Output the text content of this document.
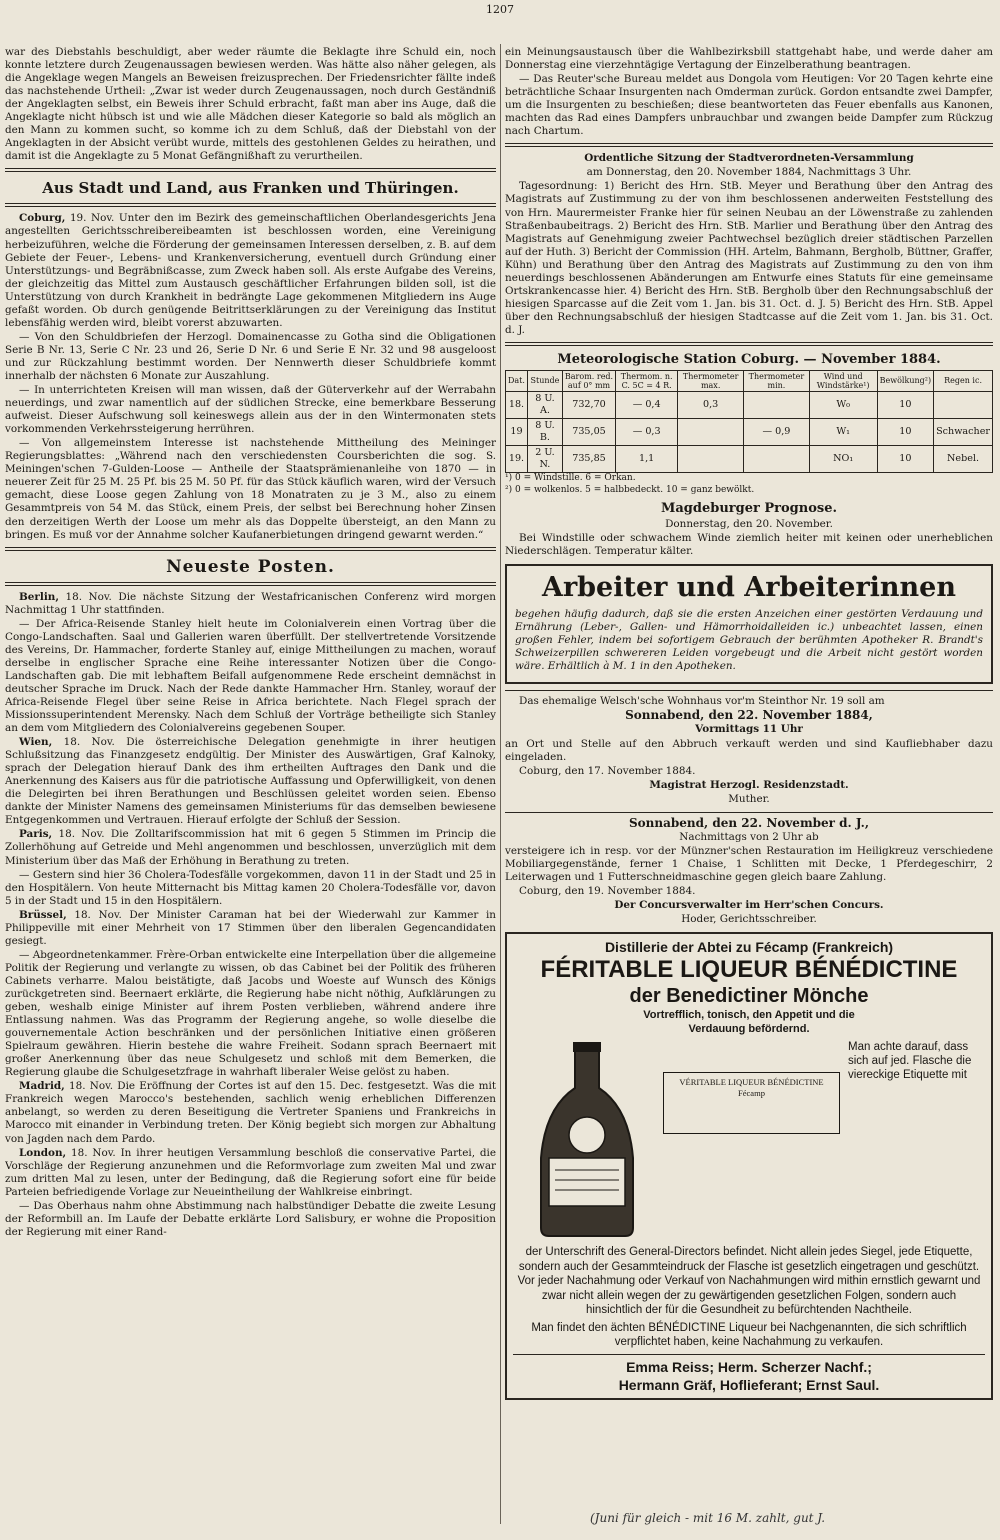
1207

war des Diebstahls beschuldigt, aber weder räumte die Beklagte ihre Schuld ein, noch konnte letztere durch Zeugenaussagen bewiesen werden. Was hätte also näher gelegen, als die Angeklage wegen Mangels an Beweisen freizusprechen. Der Friedensrichter fällte indeß das nachstehende Urtheil: „Zwar ist weder durch Zeugenaussagen, noch durch Geständniß der Angeklagten selbst, ein Beweis ihrer Schuld erbracht, faßt man aber ins Auge, daß die Angeklagte nicht hübsch ist und wie alle Mädchen dieser Kategorie so bald als möglich an den Mann zu kommen sucht, so komme ich zu dem Schluß, daß der Diebstahl von der Angeklagten in der Absicht verübt wurde, mittels des gestohlenen Geldes zu heirathen, und damit ist die Angeklagte zu 5 Monat Gefängnißhaft zu verurtheilen.

Aus Stadt und Land, aus Franken und Thüringen.

Coburg, 19. Nov. Unter den im Bezirk des gemeinschaftlichen Oberlandesgerichts Jena angestellten Gerichtsschreibereibeamten ist beschlossen worden, eine Vereinigung herbeizuführen, welche die Förderung der gemeinsamen Interessen derselben, z. B. auf dem Gebiete der Feuer-, Lebens- und Krankenversicherung, eventuell durch Gründung einer Unterstützungs- und Begräbnißcasse, zum Zweck haben soll. Als erste Aufgabe des Vereins, der gleichzeitig das Mittel zum Austausch geschäftlicher Erfahrungen bilden soll, ist die Unterstützung von durch Krankheit in bedrängte Lage gekommenen Mitgliedern ins Auge gefaßt worden. Ob durch genügende Beitrittserklärungen zu der Vereinigung das Institut lebensfähig werden wird, bleibt vorerst abzuwarten.

— Von den Schuldbriefen der Herzogl. Domainencasse zu Gotha sind die Obligationen Serie B Nr. 13, Serie C Nr. 23 und 26, Serie D Nr. 6 und Serie E Nr. 32 und 98 ausgeloost und zur Rückzahlung bestimmt worden. Der Nennwerth dieser Schuldbriefe kommt innerhalb der nächsten 6 Monate zur Auszahlung.

— In unterrichteten Kreisen will man wissen, daß der Güterverkehr auf der Werrabahn neuerdings, und zwar namentlich auf der südlichen Strecke, eine bemerkbare Besserung aufweist. Dieser Aufschwung soll keineswegs allein aus der in den Wintermonaten stets vorkommenden Verkehrssteigerung herrühren.

— Von allgemeinstem Interesse ist nachstehende Mittheilung des Meininger Regierungsblattes: „Während nach den verschiedensten Coursberichten die sog. S. Meiningen'schen 7-Gulden-Loose — Antheile der Staatsprämienanleihe von 1870 — in neuerer Zeit für 25 M. 25 Pf. bis 25 M. 50 Pf. für das Stück käuflich waren, wird der Versuch gemacht, diese Loose gegen Zahlung von 18 Monatraten zu je 3 M., also zu einem Gesammtpreis von 54 M. das Stück, einem Preis, der selbst bei Berechnung hoher Zinsen den derzeitigen Werth der Loose um mehr als das Doppelte übersteigt, an den Mann zu bringen. Es muß vor der Annahme solcher Kaufanerbietungen dringend gewarnt werden.“

Neueste Posten.

Berlin, 18. Nov. Die nächste Sitzung der Westafricanischen Conferenz wird morgen Nachmittag 1 Uhr stattfinden.

— Der Africa-Reisende Stanley hielt heute im Colonialverein einen Vortrag über die Congo-Landschaften. Saal und Gallerien waren überfüllt. Der stellvertretende Vorsitzende des Vereins, Dr. Hammacher, forderte Stanley auf, einige Mittheilungen zu machen, worauf derselbe in englischer Sprache eine Reihe interessanter Notizen über die Congo-Landschaften gab. Die mit lebhaftem Beifall aufgenommene Rede erscheint demnächst in deutscher Sprache im Druck. Nach der Rede dankte Hammacher Hrn. Stanley, worauf der Africa-Reisende Flegel über seine Reise in Africa berichtete. Nach Flegel sprach der Missionssuperintendent Merensky. Nach dem Schluß der Vorträge betheiligte sich Stanley an dem vom Mitgliedern des Colonialvereins gegebenen Souper.

Wien, 18. Nov. Die österreichische Delegation genehmigte in ihrer heutigen Schlußsitzung das Finanzgesetz endgültig. Der Minister des Auswärtigen, Graf Kalnoky, sprach der Delegation hierauf Dank des ihm ertheilten Auftrages den Dank und die Anerkennung des Kaisers aus für die patriotische Auffassung und Opferwilligkeit, von denen die Delegirten bei ihren Berathungen und Beschlüssen geleitet worden seien. Ebenso dankte der Minister Namens des gemeinsamen Ministeriums für das demselben bewiesene Entgegenkommen und Vertrauen. Hierauf erfolgte der Schluß der Session.

Paris, 18. Nov. Die Zolltarifscommission hat mit 6 gegen 5 Stimmen im Princip die Zollerhöhung auf Getreide und Mehl angenommen und beschlossen, unverzüglich mit dem Ministerium über das Maß der Erhöhung in Berathung zu treten.

— Gestern sind hier 36 Cholera-Todesfälle vorgekommen, davon 11 in der Stadt und 25 in den Hospitälern. Von heute Mitternacht bis Mittag kamen 20 Cholera-Todesfälle vor, davon 5 in der Stadt und 15 in den Hospitälern.

Brüssel, 18. Nov. Der Minister Caraman hat bei der Wiederwahl zur Kammer in Philippeville mit einer Mehrheit von 17 Stimmen über den liberalen Gegencandidaten gesiegt.

— Abgeordnetenkammer. Frère-Orban entwickelte eine Interpellation über die allgemeine Politik der Regierung und verlangte zu wissen, ob das Cabinet bei der Politik des früheren Cabinets verharre. Malou beistätigte, daß Jacobs und Woeste auf Wunsch des Königs zurückgetreten sind. Beernaert erklärte, die Regierung habe nicht nöthig, Aufklärungen zu geben, weshalb einige Minister auf ihrem Posten verblieben, während andere ihre Entlassung nahmen. Was das Programm der Regierung angehe, so wolle dieselbe die gouvernementale Action beschränken und der persönlichen Initiative einen größeren Spielraum gewähren. Hierin bestehe die wahre Freiheit. Sodann sprach Beernaert mit großer Anerkennung über das neue Schulgesetz und schloß mit dem Bemerken, die Regierung glaube die Schulgesetzfrage in wahrhaft liberaler Weise gelöst zu haben.

Madrid, 18. Nov. Die Eröffnung der Cortes ist auf den 15. Dec. festgesetzt. Was die mit Frankreich wegen Marocco's bestehenden, sachlich wenig erheblichen Differenzen anbelangt, so werden zu deren Beseitigung die Vertreter Spaniens und Frankreichs in Marocco mit einander in Verbindung treten. Der König begiebt sich morgen zur Abhaltung von Jagden nach dem Pardo.

London, 18. Nov. In ihrer heutigen Versammlung beschloß die conservative Partei, die Vorschläge der Regierung anzunehmen und die Reformvorlage zum zweiten Mal und zwar zum dritten Mal zu lesen, unter der Bedingung, daß die Regierung sofort eine für beide Parteien befriedigende Vorlage zur Neueintheilung der Wahlkreise einbringt.

— Das Oberhaus nahm ohne Abstimmung nach halbstündiger Debatte die zweite Lesung der Reformbill an. Im Laufe der Debatte erklärte Lord Salisbury, er wohne die Proposition der Regierung mit einer Rand-

ein Meinungsaustausch über die Wahlbezirksbill stattgehabt habe, und werde daher am Donnerstag eine vierzehntägige Vertagung der Einzelberathung beantragen.

— Das Reuter'sche Bureau meldet aus Dongola vom Heutigen: Vor 20 Tagen kehrte eine beträchtliche Schaar Insurgenten nach Omderman zurück. Gordon entsandte zwei Dampfer, um die Insurgenten zu beschießen; diese beantworteten das Feuer ebenfalls aus Kanonen, machten das Rad eines Dampfers unbrauchbar und zwangen beide Dampfer zum Rückzug nach Chartum.

Ordentliche Sitzung der Stadtverordneten-Versammlung

am Donnerstag, den 20. November 1884, Nachmittags 3 Uhr.

Tagesordnung: 1) Bericht des Hrn. StB. Meyer und Berathung über den Antrag des Magistrats auf Zustimmung zu der von ihm beschlossenen anderweiten Feststellung des von Hrn. Maurermeister Franke hier für seinen Neubau an der Löwenstraße zu zahlenden Straßenbaubeitrags. 2) Bericht des Hrn. StB. Marlier und Berathung über den Antrag des Magistrats auf Genehmigung zweier Pachtwechsel bezüglich dreier städtischen Parzellen auf der Huth. 3) Bericht der Commission (HH. Artelm, Bahmann, Bergholb, Büttner, Graffer, Kühn) und Berathung über den Antrag des Magistrats auf Zustimmung zu den von ihm neuerdings beschlossenen Abänderungen am Entwurfe eines Statuts für eine gemeinsame Ortskrankencasse hier. 4) Bericht des Hrn. StB. Bergholb über den Rechnungsabschluß der hiesigen Sparcasse auf die Zeit vom 1. Jan. bis 31. Oct. d. J. 5) Bericht des Hrn. StB. Appel über den Rechnungsabschluß der hiesigen Stadtcasse auf die Zeit vom 1. Jan. bis 31. Oct. d. J.

Meteorologische Station Coburg. — November 1884.

Dat.	Stunde	Barom. red. auf 0° mm	Thermom. n. C. 5C = 4 R.	Thermometer max.	Thermometer min.	Wind und Windstärke¹)	Bewölkung²)	Regen ic.
18.	8 U. A.	732,70	— 0,4	0,3		W₀	10	
19	8 U. B.	735,05	— 0,3		— 0,9	W₁	10	Schwacher
19.	2 U. N.	735,85	1,1			NO₁	10	Nebel.

¹) 0 = Windstille. 6 = Orkan.

²) 0 = wolkenlos. 5 = halbbedeckt. 10 = ganz bewölkt.

Magdeburger Prognose.

Donnerstag, den 20. November.

Bei Windstille oder schwachem Winde ziemlich heiter mit keinen oder unerheblichen Niederschlägen. Temperatur kälter.

Arbeiter und Arbeiterinnen

begehen häufig dadurch, daß sie die ersten Anzeichen einer gestörten Verdauung und Ernährung (Leber-, Gallen- und Hämorrhoidalleiden ic.) unbeachtet lassen, einen großen Fehler, indem bei sofortigem Gebrauch der berühmten Apotheker R. Brandt's Schweizerpillen schwereren Leiden vorgebeugt und die Arbeit nicht gestört worden wäre. Erhältlich à M. 1 in den Apotheken.

Das ehemalige Welsch'sche Wohnhaus vor'm Steinthor Nr. 19 soll am

Sonnabend, den 22. November 1884,

Vormittags 11 Uhr

an Ort und Stelle auf den Abbruch verkauft werden und sind Kaufliebhaber dazu eingeladen.

Coburg, den 17. November 1884.

Magistrat Herzogl. Residenzstadt.

Muther.

Sonnabend, den 22. November d. J.,

Nachmittags von 2 Uhr ab

versteigere ich in resp. vor der Münzner'schen Restauration im Heiligkreuz verschiedene Mobiliargegenstände, ferner 1 Chaise, 1 Schlitten mit Decke, 1 Pferdegeschirr, 2 Leiterwagen und 1 Futterschneidmaschine gegen gleich baare Zahlung.

Coburg, den 19. November 1884.

Der Concursverwalter im Herr'schen Concurs.

Hoder, Gerichtsschreiber.

Distillerie der Abtei zu Fécamp (Frankreich)
FÉRITABLE LIQUEUR BÉNÉDICTINE
der Benedictiner Mönche
Vortrefflich, tonisch, den Appetit und die
Verdauung befördernd.
VÉRITABLE LIQUEUR BÉNÉDICTINE
Fécamp
Man achte darauf, dass sich auf jed. Flasche die viereckige Etiquette mit
der Unterschrift des General-Directors befindet. Nicht allein jedes Siegel, jede Etiquette, sondern auch der Gesammteindruck der Flasche ist gesetzlich eingetragen und geschützt. Vor jeder Nachahmung oder Verkauf von Nachahmungen wird mithin ernstlich gewarnt und zwar nicht allein wegen der zu gewärtigenden gesetzlichen Folgen, sondern auch hinsichtlich der für die Gesundheit zu befürchtenden Nachtheile.
Man findet den ächten BÉNÉDICTINE Liqueur bei Nachgenannten, die sich schriftlich verpflichtet haben, keine Nachahmung zu verkaufen.
Emma Reiss; Herm. Scherzer Nachf.;
Hermann Gräf, Hoflieferant; Ernst Saul.
(Juni für gleich - mit 16 M. zahlt, gut J.
